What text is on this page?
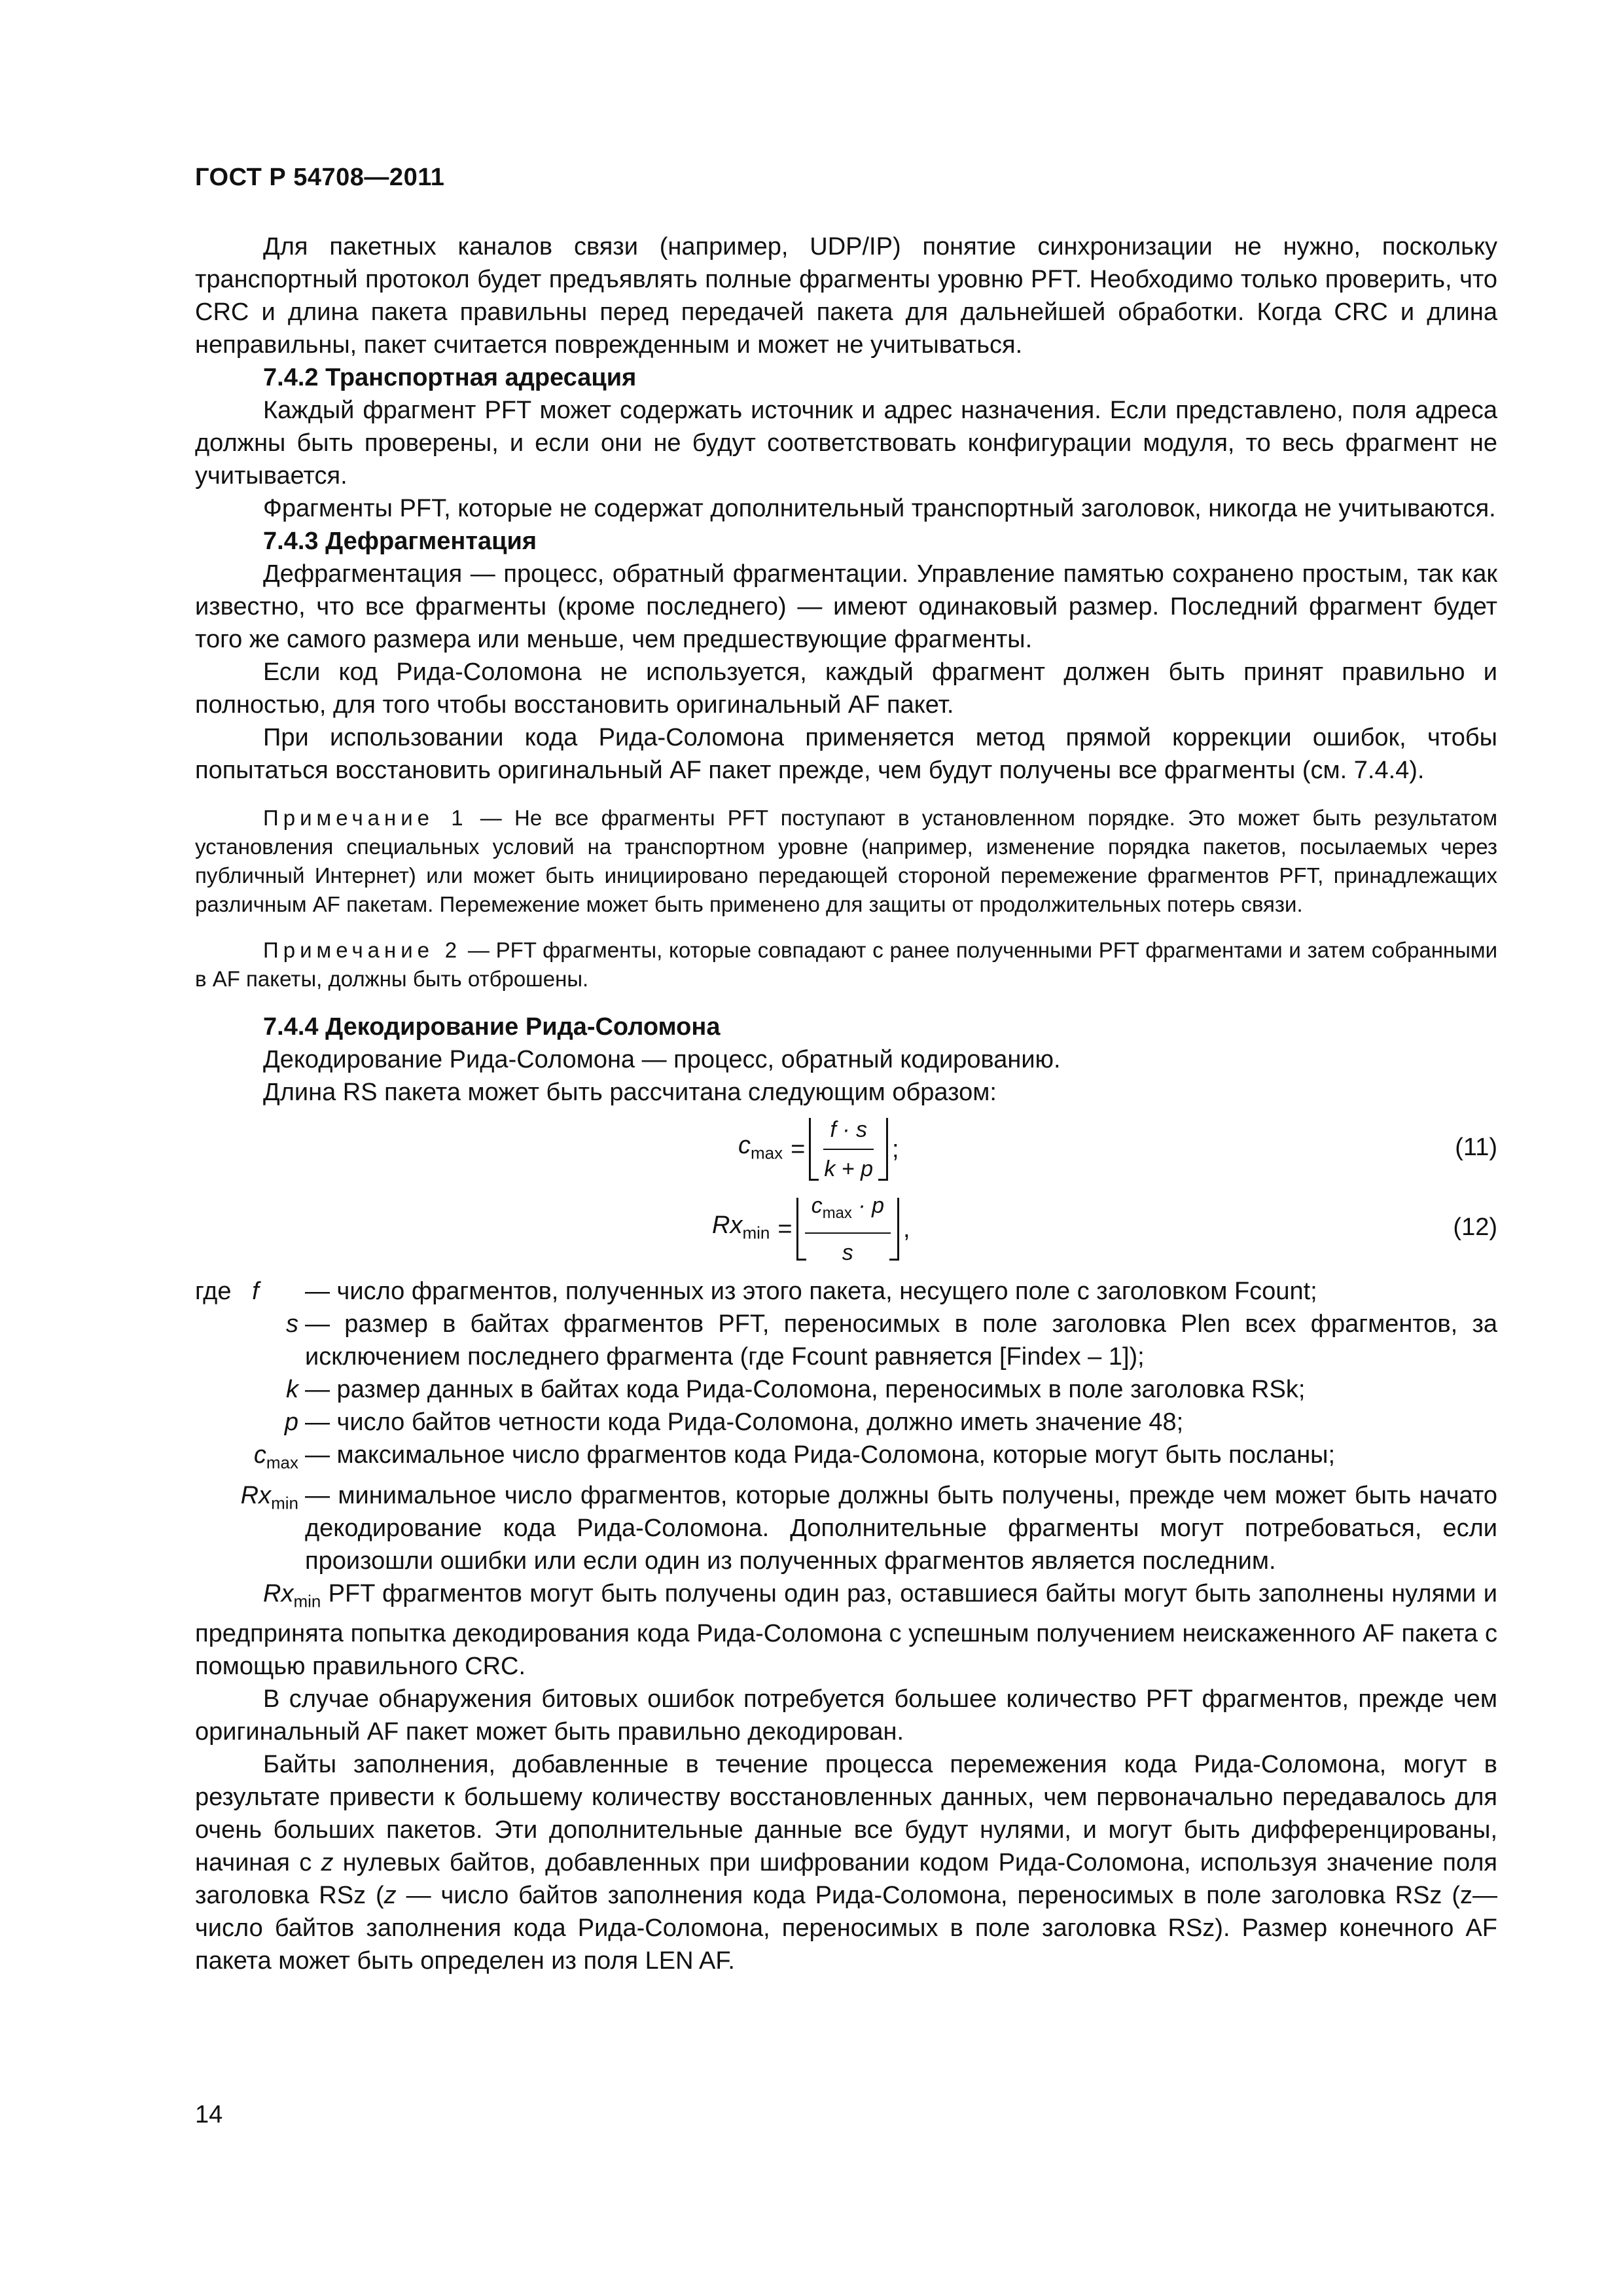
ГОСТ Р 54708—2011

Для пакетных каналов связи (например, UDP/IP) понятие синхронизации не нужно, поскольку транспортный протокол будет предъявлять полные фрагменты уровню PFT. Необходимо только проверить, что CRC и длина пакета правильны перед передачей пакета для дальнейшей обработки. Когда CRC и длина неправильны, пакет считается поврежденным и может не учитываться.

7.4.2 Транспортная адресация

Каждый фрагмент PFT может содержать источник и адрес назначения. Если представлено, поля адреса должны быть проверены, и если они не будут соответствовать конфигурации модуля, то весь фрагмент не учитывается.

Фрагменты PFT, которые не содержат дополнительный транспортный заголовок, никогда не учитываются.

7.4.3 Дефрагментация

Дефрагментация — процесс, обратный фрагментации. Управление памятью сохранено простым, так как известно, что все фрагменты (кроме последнего) — имеют одинаковый размер. Последний фрагмент будет того же самого размера или меньше, чем предшествующие фрагменты.

Если код Рида-Соломона не используется, каждый фрагмент должен быть принят правильно и полностью, для того чтобы восстановить оригинальный AF пакет.

При использовании кода Рида-Соломона применяется метод прямой коррекции ошибок, чтобы попытаться восстановить оригинальный AF пакет прежде, чем будут получены все фрагменты (см. 7.4.4).

Примечание 1 — Не все фрагменты PFT поступают в установленном порядке. Это может быть результатом установления специальных условий на транспортном уровне (например, изменение порядка пакетов, посылаемых через публичный Интернет) или может быть инициировано передающей стороной перемежение фрагментов PFT, принадлежащих различным AF пакетам. Перемежение может быть применено для защиты от продолжительных потерь связи.

Примечание 2 — PFT фрагменты, которые совпадают с ранее полученными PFT фрагментами и затем собранными в AF пакеты, должны быть отброшены.

7.4.4 Декодирование Рида-Соломона

Декодирование Рида-Соломона — процесс, обратный кодированию.

Длина RS пакета может быть рассчитана следующим образом:

$c_{max} = \frac{f \cdot s}{k + p}$ ;	(11)
$Rx_{min} = \frac{c_{max} \cdot p}{s}$ ,	(12)
где f	— число фрагментов, полученных из этого пакета, несущего поле с заголовком Fcount;
s — размер в байтах фрагментов PFT, переносимых в поле заголовка Plen всех фрагментов, за исключением последнего фрагмента (где Fcount равняется [Findex – 1]);
k — размер данных в байтах кода Рида-Соломона, переносимых в поле заголовка RSk;
p — число байтов четности кода Рида-Соломона, должно иметь значение 48;
$c_{max}$ — максимальное число фрагментов кода Рида-Соломона, которые могут быть посланы;
$Rx_{min}$ — минимальное число фрагментов, которые должны быть получены, прежде чем может быть начато декодирование кода Рида-Соломона. Дополнительные фрагменты могут потребоваться, если произошли ошибки или если один из полученных фрагментов является последним.

$Rx_{min}$ PFT фрагментов могут быть получены один раз, оставшиеся байты могут быть заполнены нулями и предпринята попытка декодирования кода Рида-Соломона с успешным получением неискаженного AF пакета с помощью правильного CRC.

В случае обнаружения битовых ошибок потребуется большее количество PFT фрагментов, прежде чем оригинальный AF пакет может быть правильно декодирован.

Байты заполнения, добавленные в течение процесса перемежения кода Рида-Соломона, могут в результате привести к большему количеству восстановленных данных, чем первоначально передавалось для очень больших пакетов. Эти дополнительные данные все будут нулями, и могут быть дифференцированы, начиная с z нулевых байтов, добавленных при шифровании кодом Рида-Соломона, используя значение поля заголовка RSz (z — число байтов заполнения кода Рида-Соломона, переносимых в поле заголовка RSz (z— число байтов заполнения кода Рида-Соломона, переносимых в поле заголовка RSz). Размер конечного AF пакета может быть определен из поля LEN AF.

14
